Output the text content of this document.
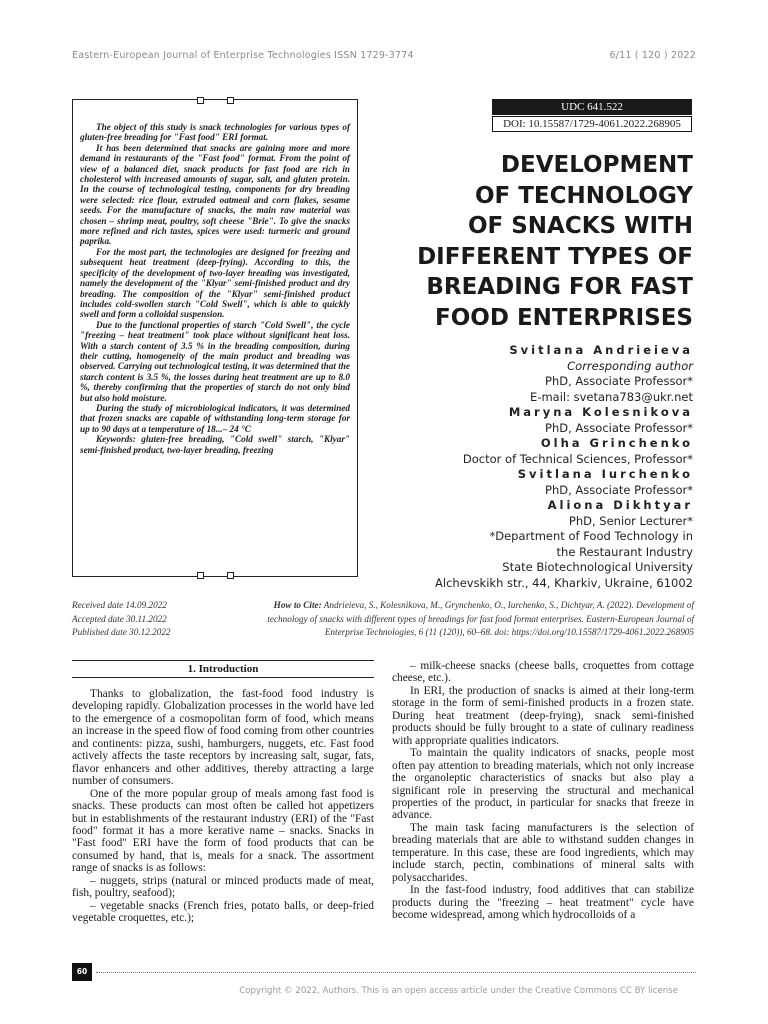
Eastern-European Journal of Enterprise Technologies ISSN 1729-3774	6/11 ( 120 ) 2022

The object of this study is snack technologies for various types of gluten-free breading for "Fast food" ERI format.

It has been determined that snacks are gaining more and more demand in restaurants of the "Fast food" format. From the point of view of a balanced diet, snack products for fast food are rich in cholesterol with increased amounts of sugar, salt, and gluten protein. In the course of technological testing, components for dry breading were selected: rice flour, extruded oatmeal and corn flakes, sesame seeds. For the manufacture of snacks, the main raw material was chosen – shrimp meat, poultry, soft cheese "Brie". To give the snacks more refined and rich tastes, spices were used: turmeric and ground paprika.

For the most part, the technologies are designed for freezing and subsequent heat treatment (deep-frying). According to this, the specificity of the development of two-layer breading was investigated, namely the development of the "Klyar" semi-finished product and dry breading. The composition of the "Klyar" semi-finished product includes cold-swollen starch "Cold Swell", which is able to quickly swell and form a colloidal suspension.

Due to the functional properties of starch "Cold Swell", the cycle "freezing – heat treatment" took place without significant heat loss. With a starch content of 3.5 % in the breading composition, during their cutting, homogeneity of the main product and breading was observed. Carrying out technological testing, it was determined that the starch content is 3.5 %, the losses during heat treatment are up to 8.0 %, thereby confirming that the properties of starch do not only bind but also hold moisture.

During the study of microbiological indicators, it was determined that frozen snacks are capable of withstanding long-term storage for up to 90 days at a temperature of 18...– 24 °C

Keywords: gluten-free breading, "Cold swell" starch, "Klyar" semi-finished product, two-layer breading, freezing

UDC 641.522
DOI: 10.15587/1729-4061.2022.268905
DEVELOPMENT
OF TECHNOLOGY
OF SNACKS WITH
DIFFERENT TYPES OF
BREADING FOR FAST
FOOD ENTERPRISES
Svitlana Andrieieva
Corresponding author
PhD, Associate Professor*
E-mail: svetana783@ukr.net
Maryna Kolesnikova
PhD, Associate Professor*
Olha Grinchenko
Doctor of Technical Sciences, Professor*
Svitlana Iurchenko
PhD, Associate Professor*
Aliona Dikhtyar
PhD, Senior Lecturer*
*Department of Food Technology in
the Restaurant Industry
State Biotechnological University
Alchevskikh str., 44, Kharkiv, Ukraine, 61002
Received date 14.09.2022
Accepted date 30.11.2022
Published date 30.12.2022
How to Cite: Andrieieva, S., Kolesnikova, M., Grynchenko, O., Iurchenko, S., Dichtyar, A. (2022). Development of technology of snacks with different types of breadings for fast food format enterprises. Eastern-European Journal of Enterprise Technologies, 6 (11 (120)), 60–68. doi: https://doi.org/10.15587/1729-4061.2022.268905
1. Introduction

Thanks to globalization, the fast-food food industry is developing rapidly. Globalization processes in the world have led to the emergence of a cosmopolitan form of food, which means an increase in the speed flow of food coming from other countries and continents: pizza, sushi, hamburgers, nuggets, etc. Fast food actively affects the taste receptors by increasing salt, sugar, fats, flavor enhancers and other additives, thereby attracting a large number of consumers.

One of the more popular group of meals among fast food is snacks. These products can most often be called hot appetizers but in establishments of the restaurant industry (ERI) of the "Fast food" format it has a more kerative name – snacks. Snacks in "Fast food" ERI have the form of food products that can be consumed by hand, that is, meals for a snack. The assortment range of snacks is as follows:

– nuggets, strips (natural or minced products made of meat, fish, poultry, seafood);

– vegetable snacks (French fries, potato balls, or deep-fried vegetable croquettes, etc.);

– milk-cheese snacks (cheese balls, croquettes from cottage cheese, etc.).

In ERI, the production of snacks is aimed at their long-term storage in the form of semi-finished products in a frozen state. During heat treatment (deep-frying), snack semi-finished products should be fully brought to a state of culinary readiness with appropriate qualities indicators.

To maintain the quality indicators of snacks, people most often pay attention to breading materials, which not only increase the organoleptic characteristics of snacks but also play a significant role in preserving the structural and mechanical properties of the product, in particular for snacks that freeze in advance.

The main task facing manufacturers is the selection of breading materials that are able to withstand sudden changes in temperature. In this case, these are food ingredients, which may include starch, pectin, combinations of mineral salts with polysaccharides.

In the fast-food industry, food additives that can stabilize products during the "freezing – heat treatment" cycle have become widespread, among which hydrocolloids of a

60
Copyright © 2022, Authors. This is an open access article under the Creative Commons CC BY license
